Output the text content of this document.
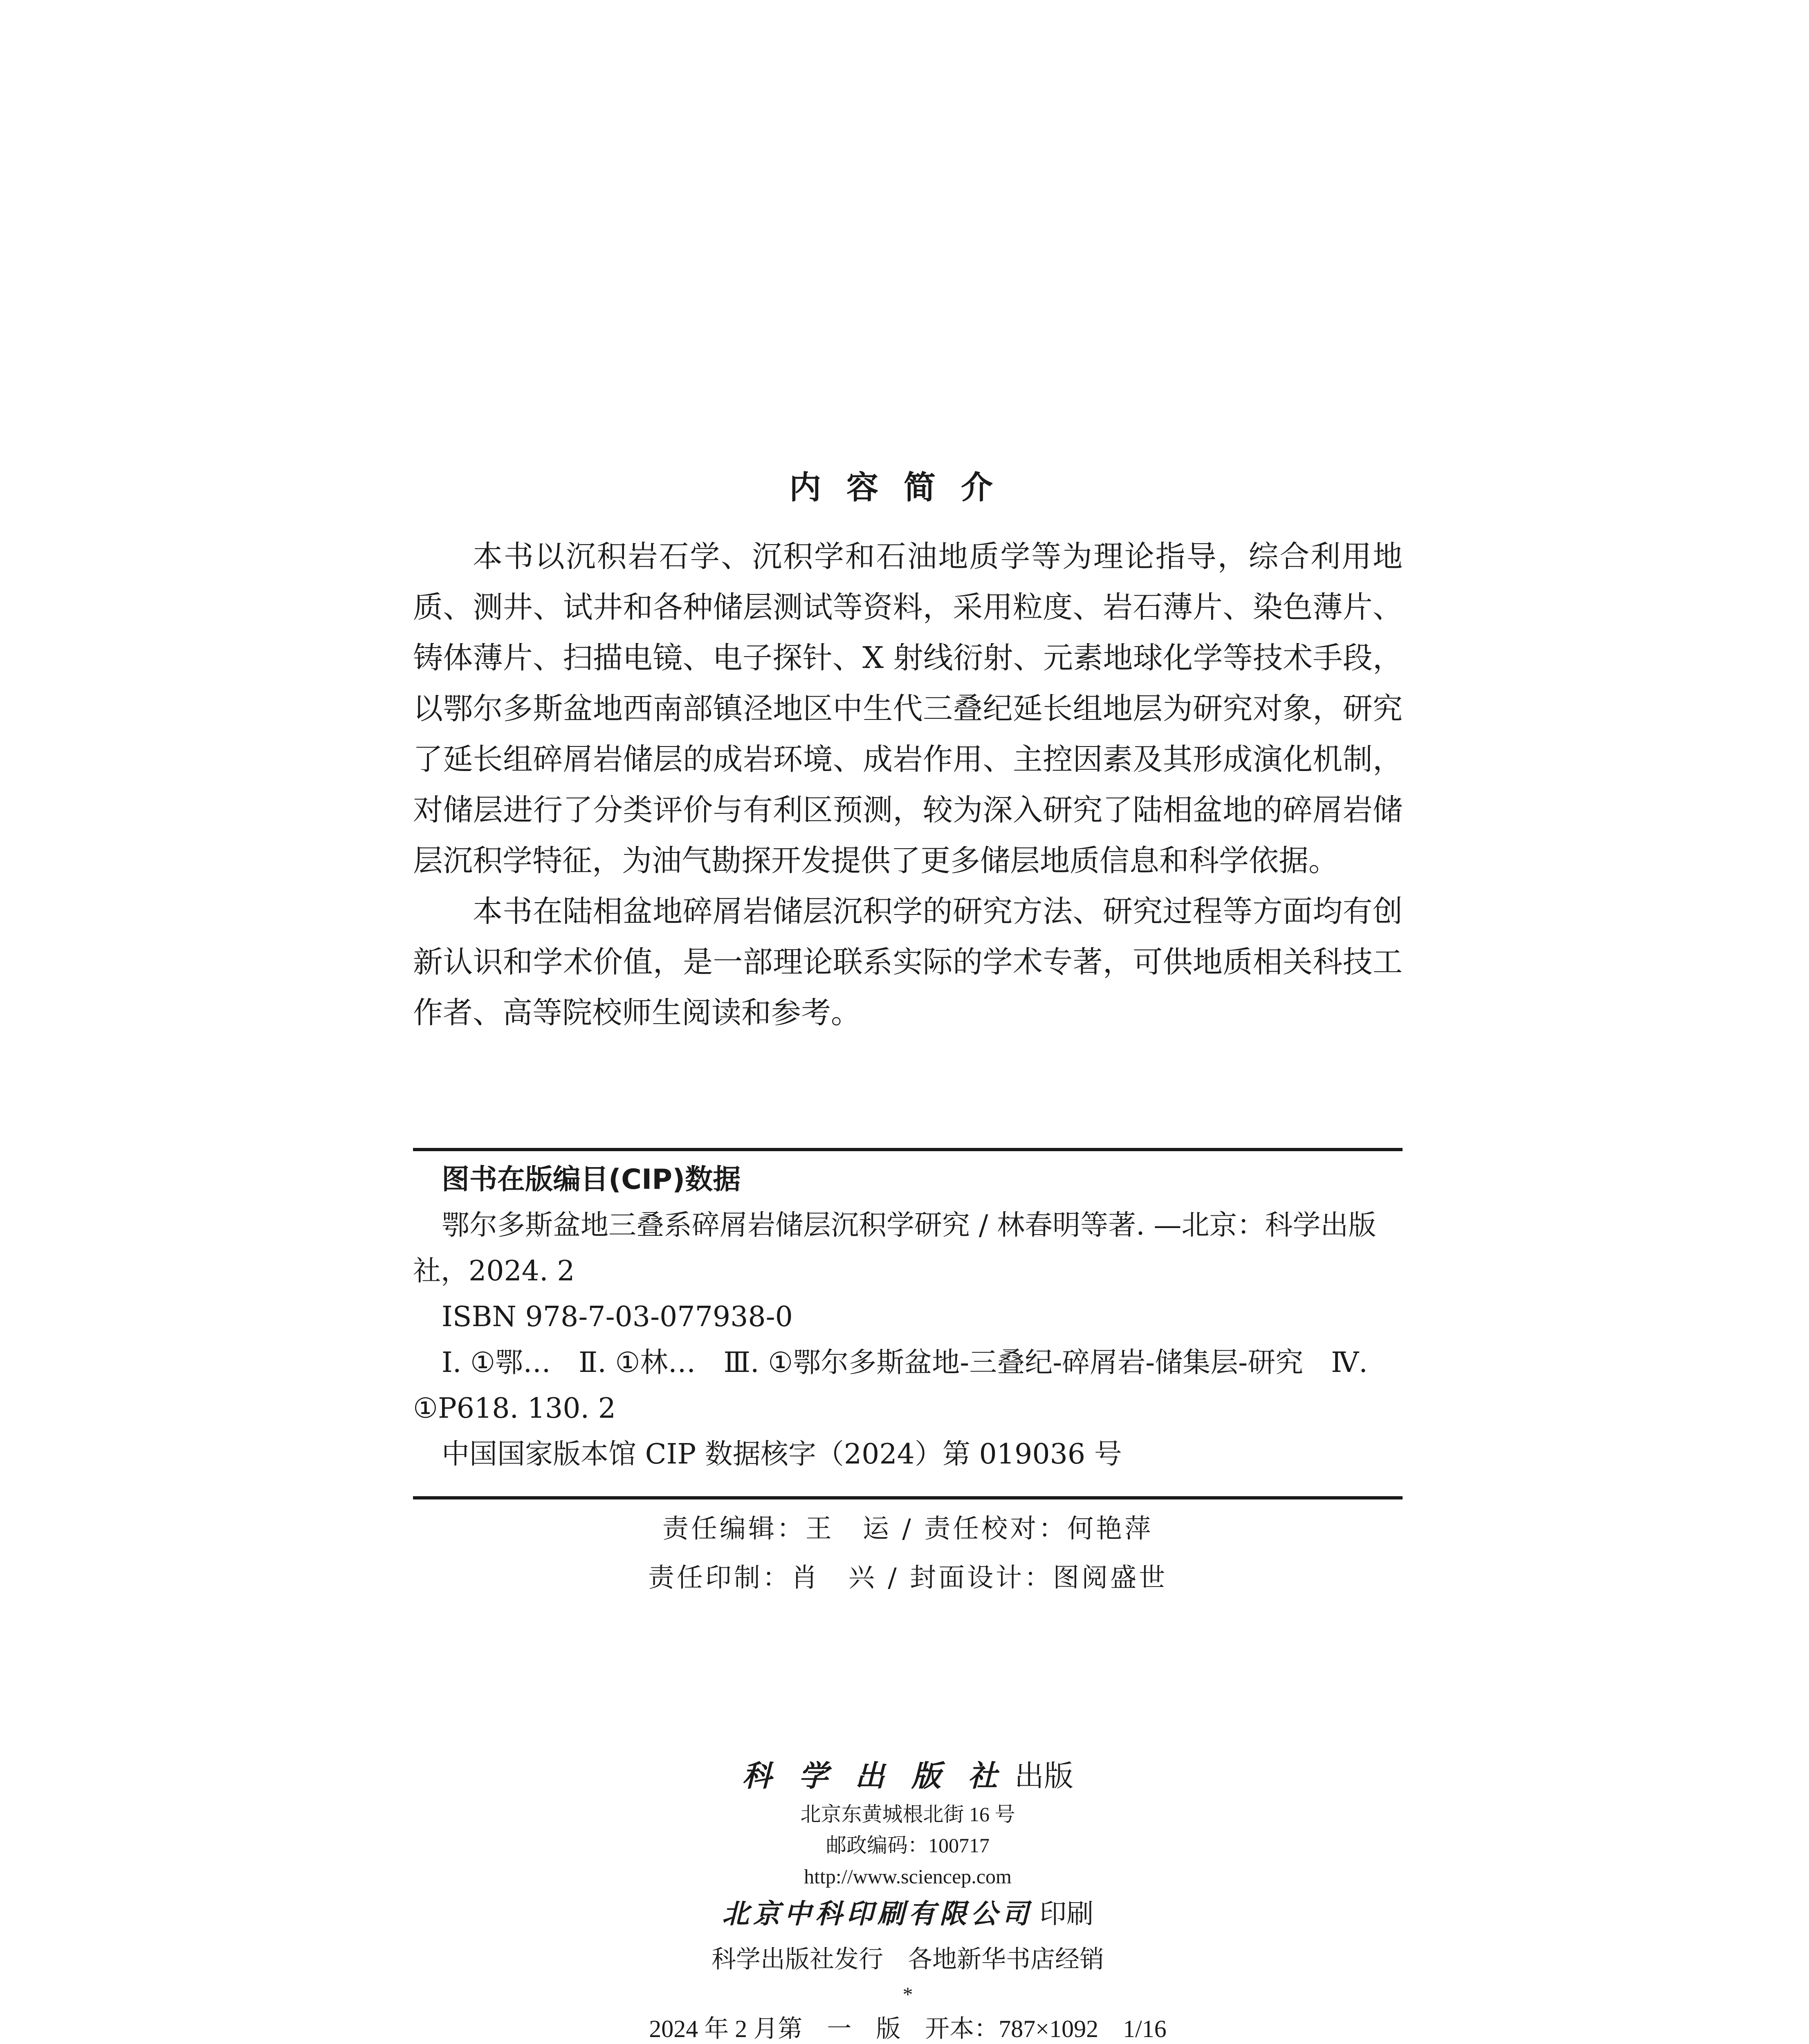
内容简介

本书以沉积岩石学、沉积学和石油地质学等为理论指导，综合利用地质、测井、试井和各种储层测试等资料，采用粒度、岩石薄片、染色薄片、铸体薄片、扫描电镜、电子探针、X 射线衍射、元素地球化学等技术手段，以鄂尔多斯盆地西南部镇泾地区中生代三叠纪延长组地层为研究对象，研究了延长组碎屑岩储层的成岩环境、成岩作用、主控因素及其形成演化机制，对储层进行了分类评价与有利区预测，较为深入研究了陆相盆地的碎屑岩储层沉积学特征，为油气勘探开发提供了更多储层地质信息和科学依据。

本书在陆相盆地碎屑岩储层沉积学的研究方法、研究过程等方面均有创新认识和学术价值，是一部理论联系实际的学术专著，可供地质相关科技工作者、高等院校师生阅读和参考。

图书在版编目(CIP)数据
鄂尔多斯盆地三叠系碎屑岩储层沉积学研究 / 林春明等著. —北京：科学出版社，2024. 2
ISBN 978-7-03-077938-0
Ⅰ. ①鄂…　Ⅱ. ①林…　Ⅲ. ①鄂尔多斯盆地-三叠纪-碎屑岩-储集层-研究　Ⅳ. ①P618. 130. 2
中国国家版本馆 CIP 数据核字（2024）第 019036 号
责任编辑：王　运 / 责任校对：何艳萍
责任印制：肖　兴 / 封面设计：图阅盛世
科 学 出 版 社 出版
北京东黄城根北街 16 号
邮政编码：100717
http://www.sciencep.com
北京中科印刷有限公司 印刷
科学出版社发行　各地新华书店经销
*
2024 年 2 月第　一　版　开本：787×1092　1/16
